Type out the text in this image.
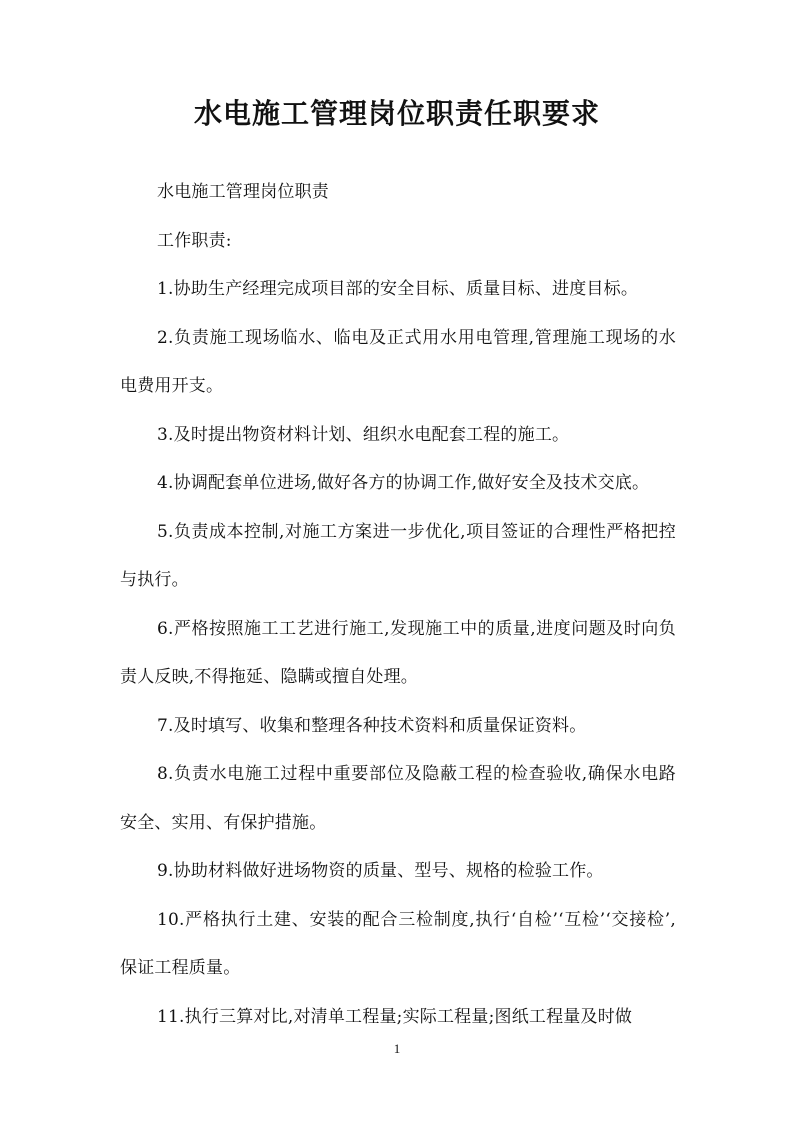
水电施工管理岗位职责任职要求

水电施工管理岗位职责

工作职责:

1.协助生产经理完成项目部的安全目标、质量目标、进度目标。

2.负责施工现场临水、临电及正式用水用电管理,管理施工现场的水电费用开支。

3.及时提出物资材料计划、组织水电配套工程的施工。

4.协调配套单位进场,做好各方的协调工作,做好安全及技术交底。

5.负责成本控制,对施工方案进一步优化,项目签证的合理性严格把控与执行。

6.严格按照施工工艺进行施工,发现施工中的质量,进度问题及时向负责人反映,不得拖延、隐瞒或擅自处理。

7.及时填写、收集和整理各种技术资料和质量保证资料。

8.负责水电施工过程中重要部位及隐蔽工程的检查验收,确保水电路安全、实用、有保护措施。

9.协助材料做好进场物资的质量、型号、规格的检验工作。

10.严格执行土建、安装的配合三检制度,执行‘自检’‘互检’‘交接检’,保证工程质量。

11.执行三算对比,对清单工程量;实际工程量;图纸工程量及时做

1
